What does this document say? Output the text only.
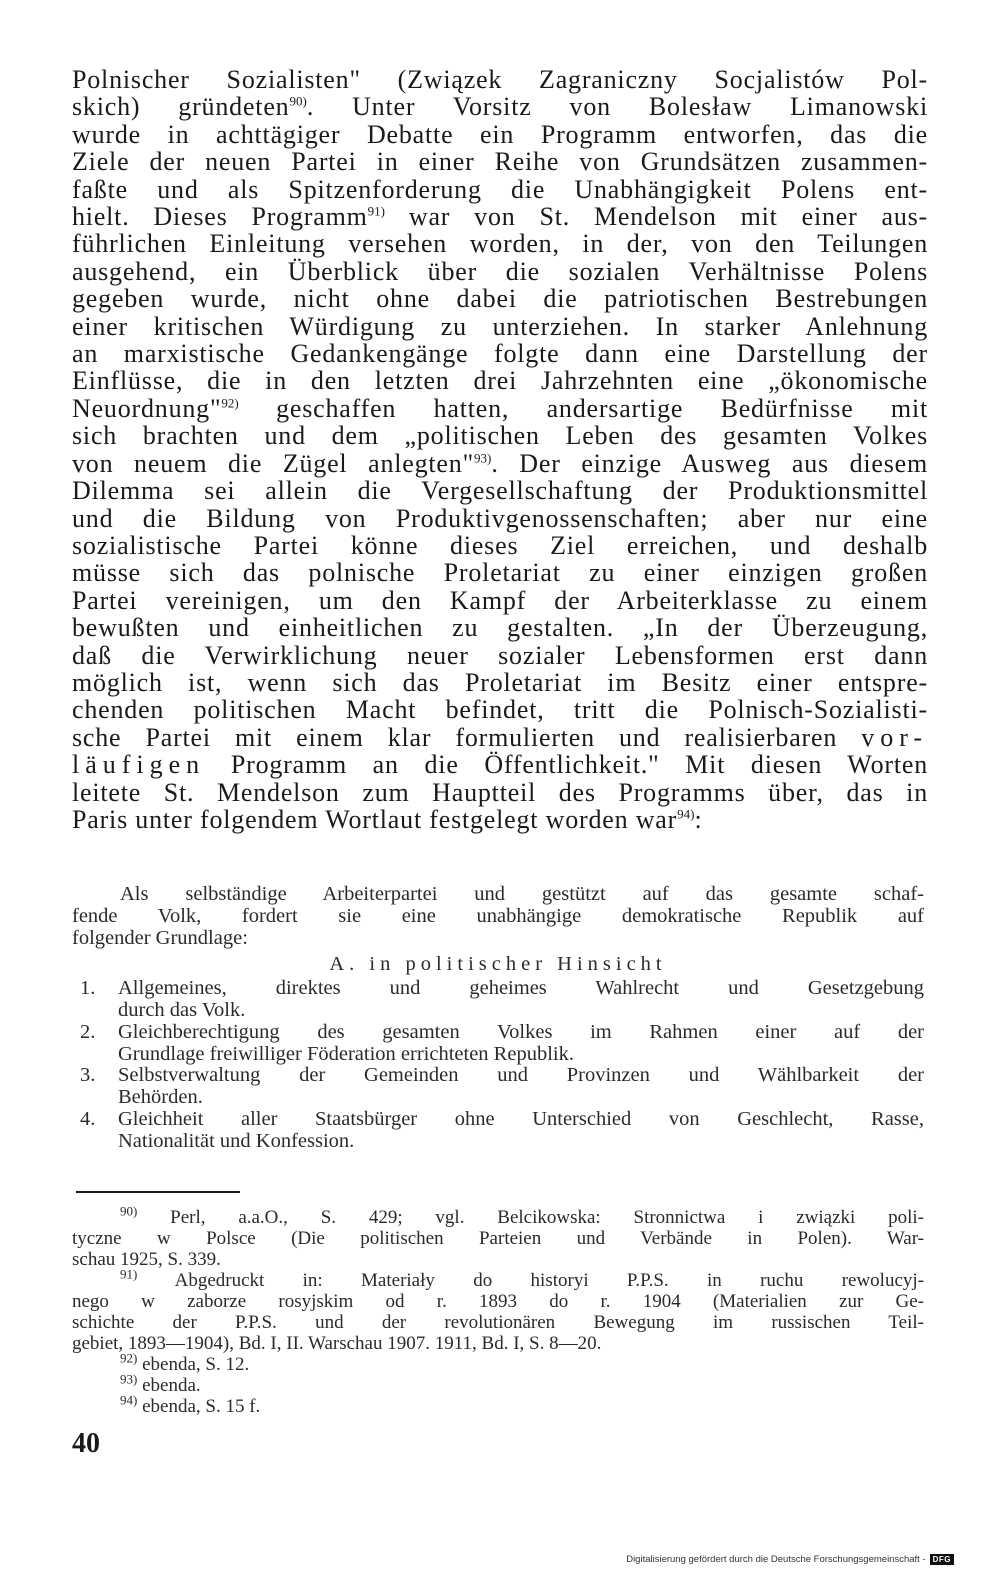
Polnischer Sozialisten" (Związek Zagraniczny Socjalistów Pol-
skich) gründeten$^{90)}$. Unter Vorsitz von Bolesław Limanowski
wurde in achttägiger Debatte ein Programm entworfen, das die
Ziele der neuen Partei in einer Reihe von Grundsätzen zusammen-
faßte und als Spitzenforderung die Unabhängigkeit Polens ent-
hielt. Dieses Programm$^{91)}$ war von St. Mendelson mit einer aus-
führlichen Einleitung versehen worden, in der, von den Teilungen
ausgehend, ein Überblick über die sozialen Verhältnisse Polens
gegeben wurde, nicht ohne dabei die patriotischen Bestrebungen
einer kritischen Würdigung zu unterziehen. In starker Anlehnung
an marxistische Gedankengänge folgte dann eine Darstellung der
Einflüsse, die in den letzten drei Jahrzehnten eine „ökonomische
Neuordnung"$^{92)}$ geschaffen hatten, andersartige Bedürfnisse mit
sich brachten und dem „politischen Leben des gesamten Volkes
von neuem die Zügel anlegten"$^{93)}$. Der einzige Ausweg aus diesem
Dilemma sei allein die Vergesellschaftung der Produktionsmittel
und die Bildung von Produktivgenossenschaften; aber nur eine
sozialistische Partei könne dieses Ziel erreichen, und deshalb
müsse sich das polnische Proletariat zu einer einzigen großen
Partei vereinigen, um den Kampf der Arbeiterklasse zu einem
bewußten und einheitlichen zu gestalten. „In der Überzeugung,
daß die Verwirklichung neuer sozialer Lebensformen erst dann
möglich ist, wenn sich das Proletariat im Besitz einer entspre-
chenden politischen Macht befindet, tritt die Polnisch-Sozialisti-
sche Partei mit einem klar formulierten und realisierbaren vor-
läufigen Programm an die Öffentlichkeit." Mit diesen Worten
leitete St. Mendelson zum Hauptteil des Programms über, das in
Paris unter folgendem Wortlaut festgelegt worden war$^{94)}$:
Als selbständige Arbeiterpartei und gestützt auf das gesamte schaf-
fende Volk, fordert sie eine unabhängige demokratische Republik auf
folgender Grundlage:
A. in politischer Hinsicht
1.	Allgemeines, direktes und geheimes Wahlrecht und Gesetzgebung
durch das Volk.
2.	Gleichberechtigung des gesamten Volkes im Rahmen einer auf der
Grundlage freiwilliger Föderation errichteten Republik.
3.	Selbstverwaltung der Gemeinden und Provinzen und Wählbarkeit der
Behörden.
4.	Gleichheit aller Staatsbürger ohne Unterschied von Geschlecht, Rasse,
Nationalität und Konfession.
$^{90)}$ Perl, a.a.O., S. 429; vgl. Belcikowska: Stronnictwa i związki poli-
tyczne w Polsce (Die politischen Parteien und Verbände in Polen). War-
schau 1925, S. 339.
$^{91)}$ Abgedruckt in: Materiały do historyi P.P.S. in ruchu rewolucyj-
nego w zaborze rosyjskim od r. 1893 do r. 1904 (Materialien zur Ge-
schichte der P.P.S. und der revolutionären Bewegung im russischen Teil-
gebiet, 1893—1904), Bd. I, II. Warschau 1907. 1911, Bd. I, S. 8—20.
$^{92)}$ ebenda, S. 12.
$^{93)}$ ebenda.
$^{94)}$ ebenda, S. 15 f.
40
Digitalisierung gefördert durch die Deutsche Forschungsgemeinschaft - DFG
